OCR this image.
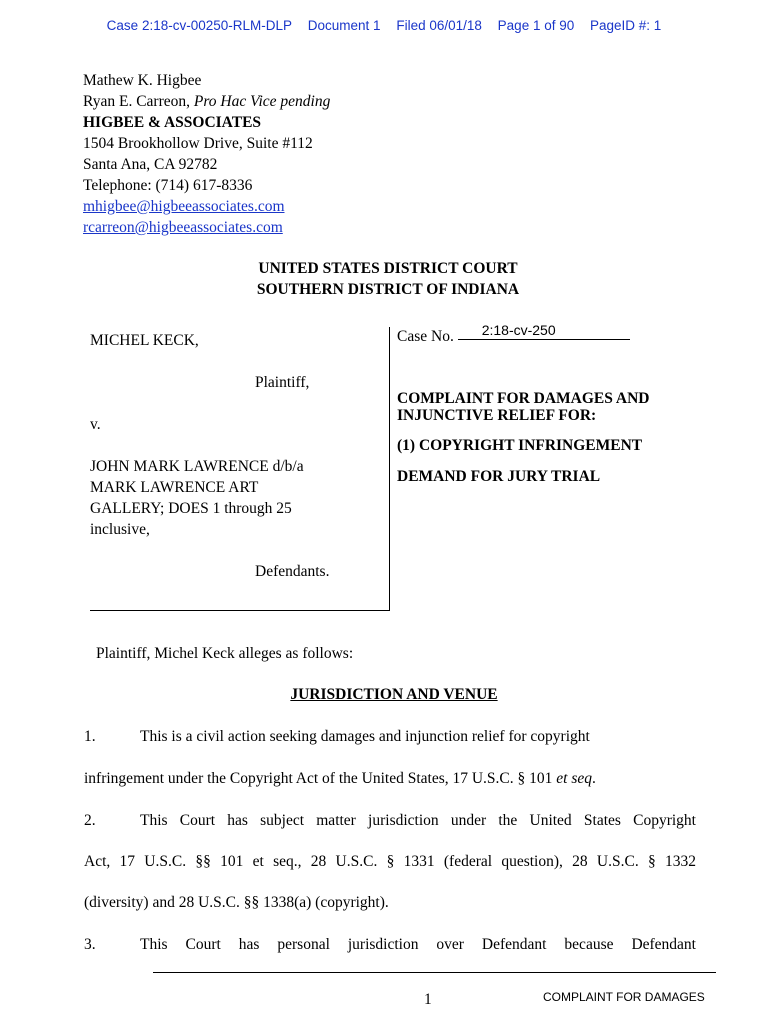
Case 2:18-cv-00250-RLM-DLP Document 1 Filed 06/01/18 Page 1 of 90 PageID #: 1
Mathew K. Higbee
Ryan E. Carreon, Pro Hac Vice pending
HIGBEE & ASSOCIATES
1504 Brookhollow Drive, Suite #112
Santa Ana, CA 92782
Telephone: (714) 617-8336
mhigbee@higbeeassociates.com
rcarreon@higbeeassociates.com
UNITED STATES DISTRICT COURT
SOUTHERN DISTRICT OF INDIANA
MICHEL KECK,
Plaintiff,
v.
JOHN MARK LAWRENCE d/b/a
MARK LAWRENCE ART
GALLERY; DOES 1 through 25
inclusive,
Defendants.
Case No. 2:18-cv-250
COMPLAINT FOR DAMAGES AND
INJUNCTIVE RELIEF FOR:
(1) COPYRIGHT INFRINGEMENT
DEMAND FOR JURY TRIAL
Plaintiff, Michel Keck alleges as follows:
JURISDICTION AND VENUE
1.	This is a civil action seeking damages and injunction relief for copyright
infringement under the Copyright Act of the United States, 17 U.S.C. § 101 et seq.
2.	This Court has subject matter jurisdiction under the United States Copyright
Act, 17 U.S.C. §§ 101 et seq., 28 U.S.C. § 1331 (federal question), 28 U.S.C. § 1332
(diversity) and 28 U.S.C. §§ 1338(a) (copyright).
3.	This Court has personal jurisdiction over Defendant because Defendant
1	COMPLAINT FOR DAMAGES
